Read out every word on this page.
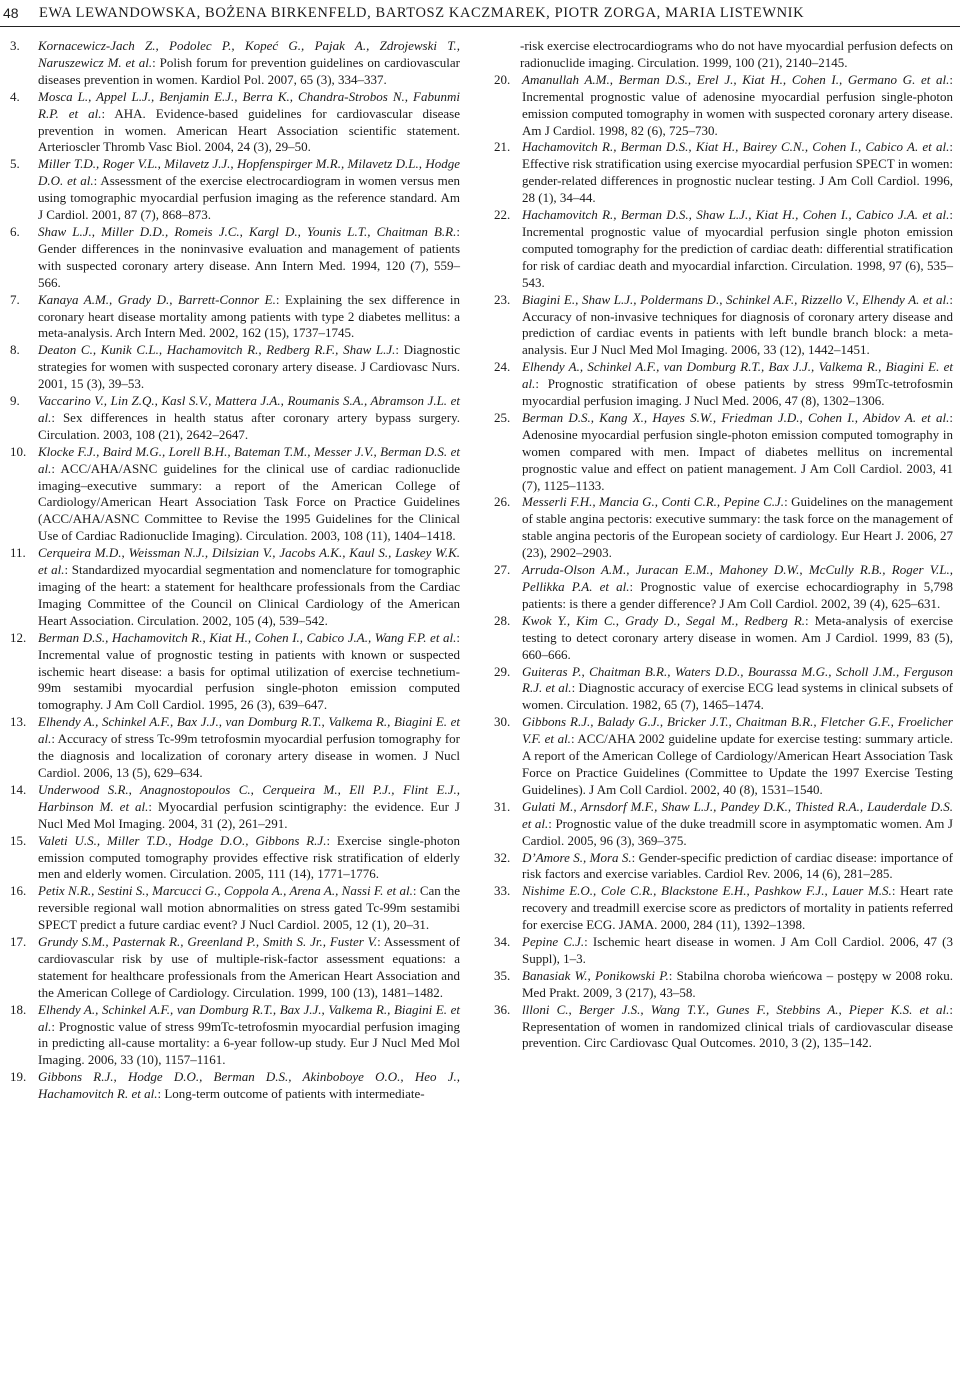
48	EWA LEWANDOWSKA, BOŻENA BIRKENFELD, BARTOSZ KACZMAREK, PIOTR ZORGA, MARIA LISTEWNIK
3.	Kornacewicz-Jach Z., Podolec P., Kopeć G., Pajak A., Zdrojewski T., Naruszewicz M. et al.: Polish forum for prevention guidelines on cardiovascular diseases prevention in women. Kardiol Pol. 2007, 65 (3), 334–337.
4.	Mosca L., Appel L.J., Benjamin E.J., Berra K., Chandra-Strobos N., Fabunmi R.P. et al.: AHA. Evidence-based guidelines for cardiovascular disease prevention in women. American Heart Association scientific statement. Arterioscler Thromb Vasc Biol. 2004, 24 (3), 29–50.
5.	Miller T.D., Roger V.L., Milavetz J.J., Hopfenspirger M.R., Milavetz D.L., Hodge D.O. et al.: Assessment of the exercise electrocardiogram in women versus men using tomographic myocardial perfusion imaging as the reference standard. Am J Cardiol. 2001, 87 (7), 868–873.
6.	Shaw L.J., Miller D.D., Romeis J.C., Kargl D., Younis L.T., Chaitman B.R.: Gender differences in the noninvasive evaluation and management of patients with suspected coronary artery disease. Ann Intern Med. 1994, 120 (7), 559–566.
7.	Kanaya A.M., Grady D., Barrett-Connor E.: Explaining the sex difference in coronary heart disease mortality among patients with type 2 diabetes mellitus: a meta-analysis. Arch Intern Med. 2002, 162 (15), 1737–1745.
8.	Deaton C., Kunik C.L., Hachamovitch R., Redberg R.F., Shaw L.J.: Diagnostic strategies for women with suspected coronary artery disease. J Cardiovasc Nurs. 2001, 15 (3), 39–53.
9.	Vaccarino V., Lin Z.Q., Kasl S.V., Mattera J.A., Roumanis S.A., Abramson J.L. et al.: Sex differences in health status after coronary artery bypass surgery. Circulation. 2003, 108 (21), 2642–2647.
10. Klocke F.J., Baird M.G., Lorell B.H., Bateman T.M., Messer J.V., Berman D.S. et al.: ACC/AHA/ASNC guidelines for the clinical use of cardiac radionuclide imaging–executive summary: a report of the American College of Cardiology/American Heart Association Task Force on Practice Guidelines (ACC/AHA/ASNC Committee to Revise the 1995 Guidelines for the Clinical Use of Cardiac Radionuclide Imaging). Circulation. 2003, 108 (11), 1404–1418.
11. Cerqueira M.D., Weissman N.J., Dilsizian V., Jacobs A.K., Kaul S., Laskey W.K. et al.: Standardized myocardial segmentation and nomenclature for tomographic imaging of the heart: a statement for healthcare professionals from the Cardiac Imaging Committee of the Council on Clinical Cardiology of the American Heart Association. Circulation. 2002, 105 (4), 539–542.
12. Berman D.S., Hachamovitch R., Kiat H., Cohen I., Cabico J.A., Wang F.P. et al.: Incremental value of prognostic testing in patients with known or suspected ischemic heart disease: a basis for optimal utilization of exercise technetium-99m sestamibi myocardial perfusion single-photon emission computed tomography. J Am Coll Cardiol. 1995, 26 (3), 639–647.
13. Elhendy A., Schinkel A.F., Bax J.J., van Domburg R.T., Valkema R., Biagini E. et al.: Accuracy of stress Tc-99m tetrofosmin myocardial perfusion tomography for the diagnosis and localization of coronary artery disease in women. J Nucl Cardiol. 2006, 13 (5), 629–634.
14. Underwood S.R., Anagnostopoulos C., Cerqueira M., Ell P.J., Flint E.J., Harbinson M. et al.: Myocardial perfusion scintigraphy: the evidence. Eur J Nucl Med Mol Imaging. 2004, 31 (2), 261–291.
15. Valeti U.S., Miller T.D., Hodge D.O., Gibbons R.J.: Exercise single-photon emission computed tomography provides effective risk stratification of elderly men and elderly women. Circulation. 2005, 111 (14), 1771–1776.
16. Petix N.R., Sestini S., Marcucci G., Coppola A., Arena A., Nassi F. et al.: Can the reversible regional wall motion abnormalities on stress gated Tc-99m sestamibi SPECT predict a future cardiac event? J Nucl Cardiol. 2005, 12 (1), 20–31.
17. Grundy S.M., Pasternak R., Greenland P., Smith S. Jr., Fuster V.: Assessment of cardiovascular risk by use of multiple-risk-factor assessment equations: a statement for healthcare professionals from the American Heart Association and the American College of Cardiology. Circulation. 1999, 100 (13), 1481–1482.
18. Elhendy A., Schinkel A.F., van Domburg R.T., Bax J.J., Valkema R., Biagini E. et al.: Prognostic value of stress 99mTc-tetrofosmin myocardial perfusion imaging in predicting all-cause mortality: a 6-year follow-up study. Eur J Nucl Med Mol Imaging. 2006, 33 (10), 1157–1161.
19. Gibbons R.J., Hodge D.O., Berman D.S., Akinboboye O.O., Heo J., Hachamovitch R. et al.: Long-term outcome of patients with intermediate-
-risk exercise electrocardiograms who do not have myocardial perfusion defects on radionuclide imaging. Circulation. 1999, 100 (21), 2140–2145.
20. Amanullah A.M., Berman D.S., Erel J., Kiat H., Cohen I., Germano G. et al.: Incremental prognostic value of adenosine myocardial perfusion single-photon emission computed tomography in women with suspected coronary artery disease. Am J Cardiol. 1998, 82 (6), 725–730.
21. Hachamovitch R., Berman D.S., Kiat H., Bairey C.N., Cohen I., Cabico A. et al.: Effective risk stratification using exercise myocardial perfusion SPECT in women: gender-related differences in prognostic nuclear testing. J Am Coll Cardiol. 1996, 28 (1), 34–44.
22. Hachamovitch R., Berman D.S., Shaw L.J., Kiat H., Cohen I., Cabico J.A. et al.: Incremental prognostic value of myocardial perfusion single photon emission computed tomography for the prediction of cardiac death: differential stratification for risk of cardiac death and myocardial infarction. Circulation. 1998, 97 (6), 535–543.
23. Biagini E., Shaw L.J., Poldermans D., Schinkel A.F., Rizzello V., Elhendy A. et al.: Accuracy of non-invasive techniques for diagnosis of coronary artery disease and prediction of cardiac events in patients with left bundle branch block: a meta-analysis. Eur J Nucl Med Mol Imaging. 2006, 33 (12), 1442–1451.
24. Elhendy A., Schinkel A.F., van Domburg R.T., Bax J.J., Valkema R., Biagini E. et al.: Prognostic stratification of obese patients by stress 99mTc-tetrofosmin myocardial perfusion imaging. J Nucl Med. 2006, 47 (8), 1302–1306.
25. Berman D.S., Kang X., Hayes S.W., Friedman J.D., Cohen I., Abidov A. et al.: Adenosine myocardial perfusion single-photon emission computed tomography in women compared with men. Impact of diabetes mellitus on incremental prognostic value and effect on patient management. J Am Coll Cardiol. 2003, 41 (7), 1125–1133.
26. Messerli F.H., Mancia G., Conti C.R., Pepine C.J.: Guidelines on the management of stable angina pectoris: executive summary: the task force on the management of stable angina pectoris of the European society of cardiology. Eur Heart J. 2006, 27 (23), 2902–2903.
27. Arruda-Olson A.M., Juracan E.M., Mahoney D.W., McCully R.B., Roger V.L., Pellikka P.A. et al.: Prognostic value of exercise echocardiography in 5,798 patients: is there a gender difference? J Am Coll Cardiol. 2002, 39 (4), 625–631.
28. Kwok Y., Kim C., Grady D., Segal M., Redberg R.: Meta-analysis of exercise testing to detect coronary artery disease in women. Am J Cardiol. 1999, 83 (5), 660–666.
29. Guiteras P., Chaitman B.R., Waters D.D., Bourassa M.G., Scholl J.M., Ferguson R.J. et al.: Diagnostic accuracy of exercise ECG lead systems in clinical subsets of women. Circulation. 1982, 65 (7), 1465–1474.
30. Gibbons R.J., Balady G.J., Bricker J.T., Chaitman B.R., Fletcher G.F., Froelicher V.F. et al.: ACC/AHA 2002 guideline update for exercise testing: summary article. A report of the American College of Cardiology/American Heart Association Task Force on Practice Guidelines (Committee to Update the 1997 Exercise Testing Guidelines). J Am Coll Cardiol. 2002, 40 (8), 1531–1540.
31. Gulati M., Arnsdorf M.F., Shaw L.J., Pandey D.K., Thisted R.A., Lauderdale D.S. et al.: Prognostic value of the duke treadmill score in asymptomatic women. Am J Cardiol. 2005, 96 (3), 369–375.
32. D’Amore S., Mora S.: Gender-specific prediction of cardiac disease: importance of risk factors and exercise variables. Cardiol Rev. 2006, 14 (6), 281–285.
33. Nishime E.O., Cole C.R., Blackstone E.H., Pashkow F.J., Lauer M.S.: Heart rate recovery and treadmill exercise score as predictors of mortality in patients referred for exercise ECG. JAMA. 2000, 284 (11), 1392–1398.
34. Pepine C.J.: Ischemic heart disease in women. J Am Coll Cardiol. 2006, 47 (3 Suppl), 1–3.
35. Banasiak W., Ponikowski P.: Stabilna choroba wieńcowa – postępy w 2008 roku. Med Prakt. 2009, 3 (217), 43–58.
36. llloni C., Berger J.S., Wang T.Y., Gunes F., Stebbins A., Pieper K.S. et al.: Representation of women in randomized clinical trials of cardiovascular disease prevention. Circ Cardiovasc Qual Outcomes. 2010, 3 (2), 135–142.
